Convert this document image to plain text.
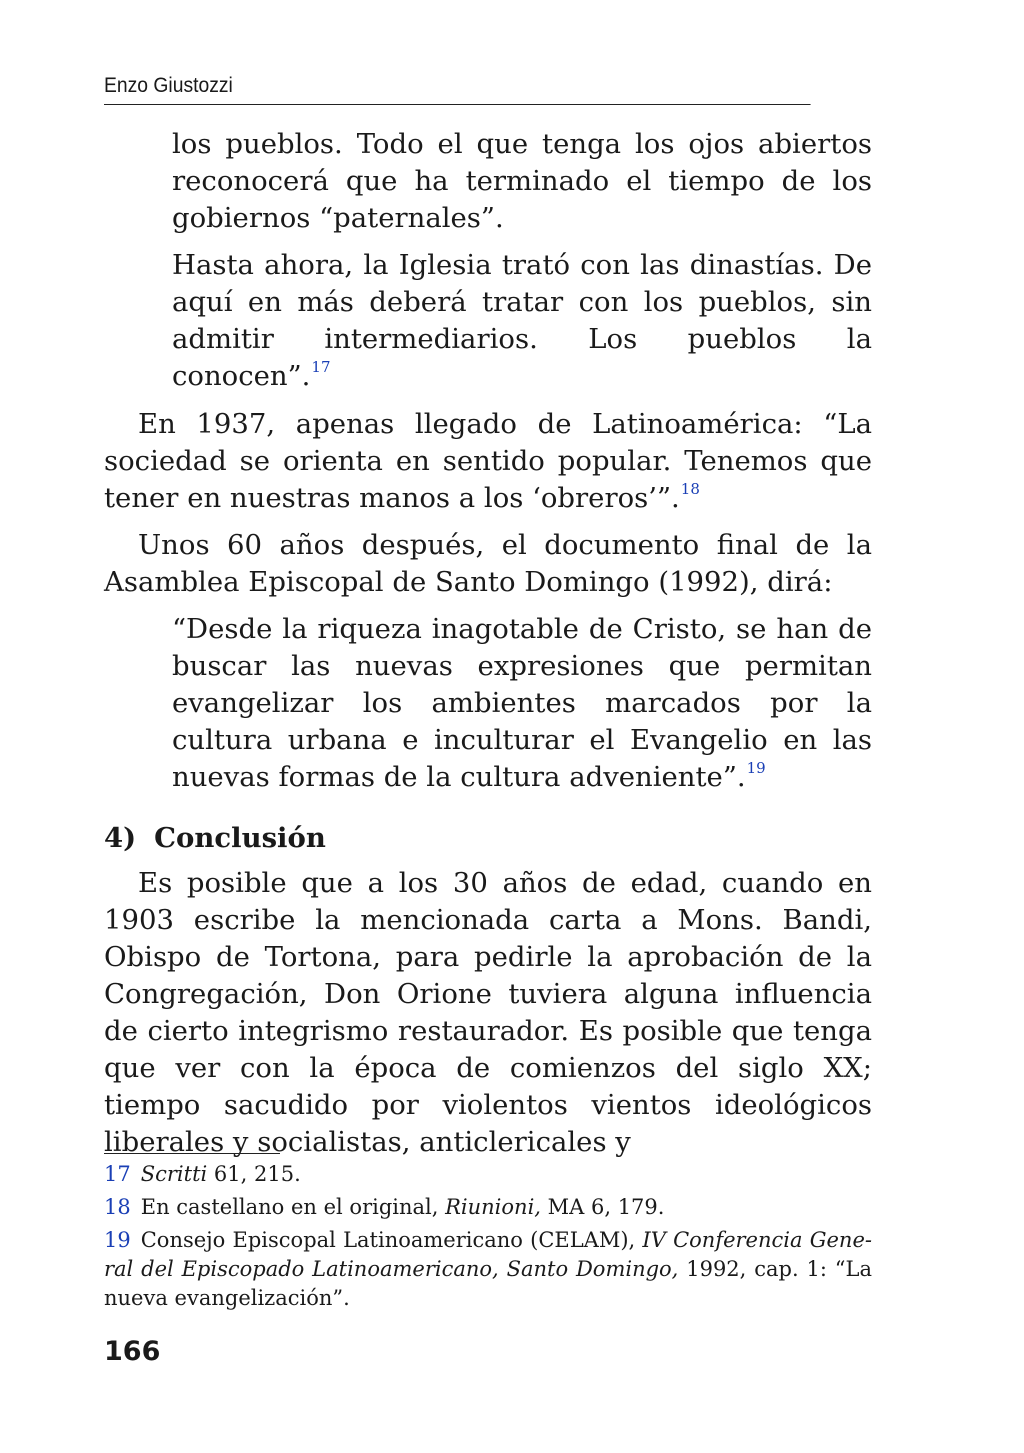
Enzo Giustozzi

los pueblos. Todo el que tenga los ojos abiertos reconocerá que ha terminado el tiempo de los gobiernos “paternales”.

Hasta ahora, la Iglesia trató con las dinastías. De aquí en más deberá tratar con los pueblos, sin admitir intermediarios. Los pueblos la conocen”.$^{17}$

En 1937, apenas llegado de Latinoamérica: “La sociedad se orienta en sentido popular. Tenemos que tener en nuestras manos a los ‘obreros’”.$^{18}$

Unos 60 años después, el documento final de la Asamblea Episcopal de Santo Domingo (1992), dirá:

“Desde la riqueza inagotable de Cristo, se han de buscar las nuevas expresiones que permitan evangelizar los ambientes marcados por la cultura urbana e inculturar el Evangelio en las nuevas formas de la cultura adveniente”.$^{19}$

4) Conclusión

Es posible que a los 30 años de edad, cuando en 1903 escribe la mencionada carta a Mons. Bandi, Obispo de Tortona, para pedirle la aprobación de la Congregación, Don Orione tuviera alguna influencia de cierto integrismo restaurador. Es posible que tenga que ver con la época de comienzos del siglo XX; tiempo sacudido por violentos vientos ideológicos liberales y socialistas, anticlericales y

17 Scritti 61, 215.

18 En castellano en el original, Riunioni, MA 6, 179.

19 Consejo Episcopal Latinoamericano (CELAM), IV Conferencia General del Episcopado Latinoamericano, Santo Domingo, 1992, cap. 1: “La nueva evangelización”.

166
